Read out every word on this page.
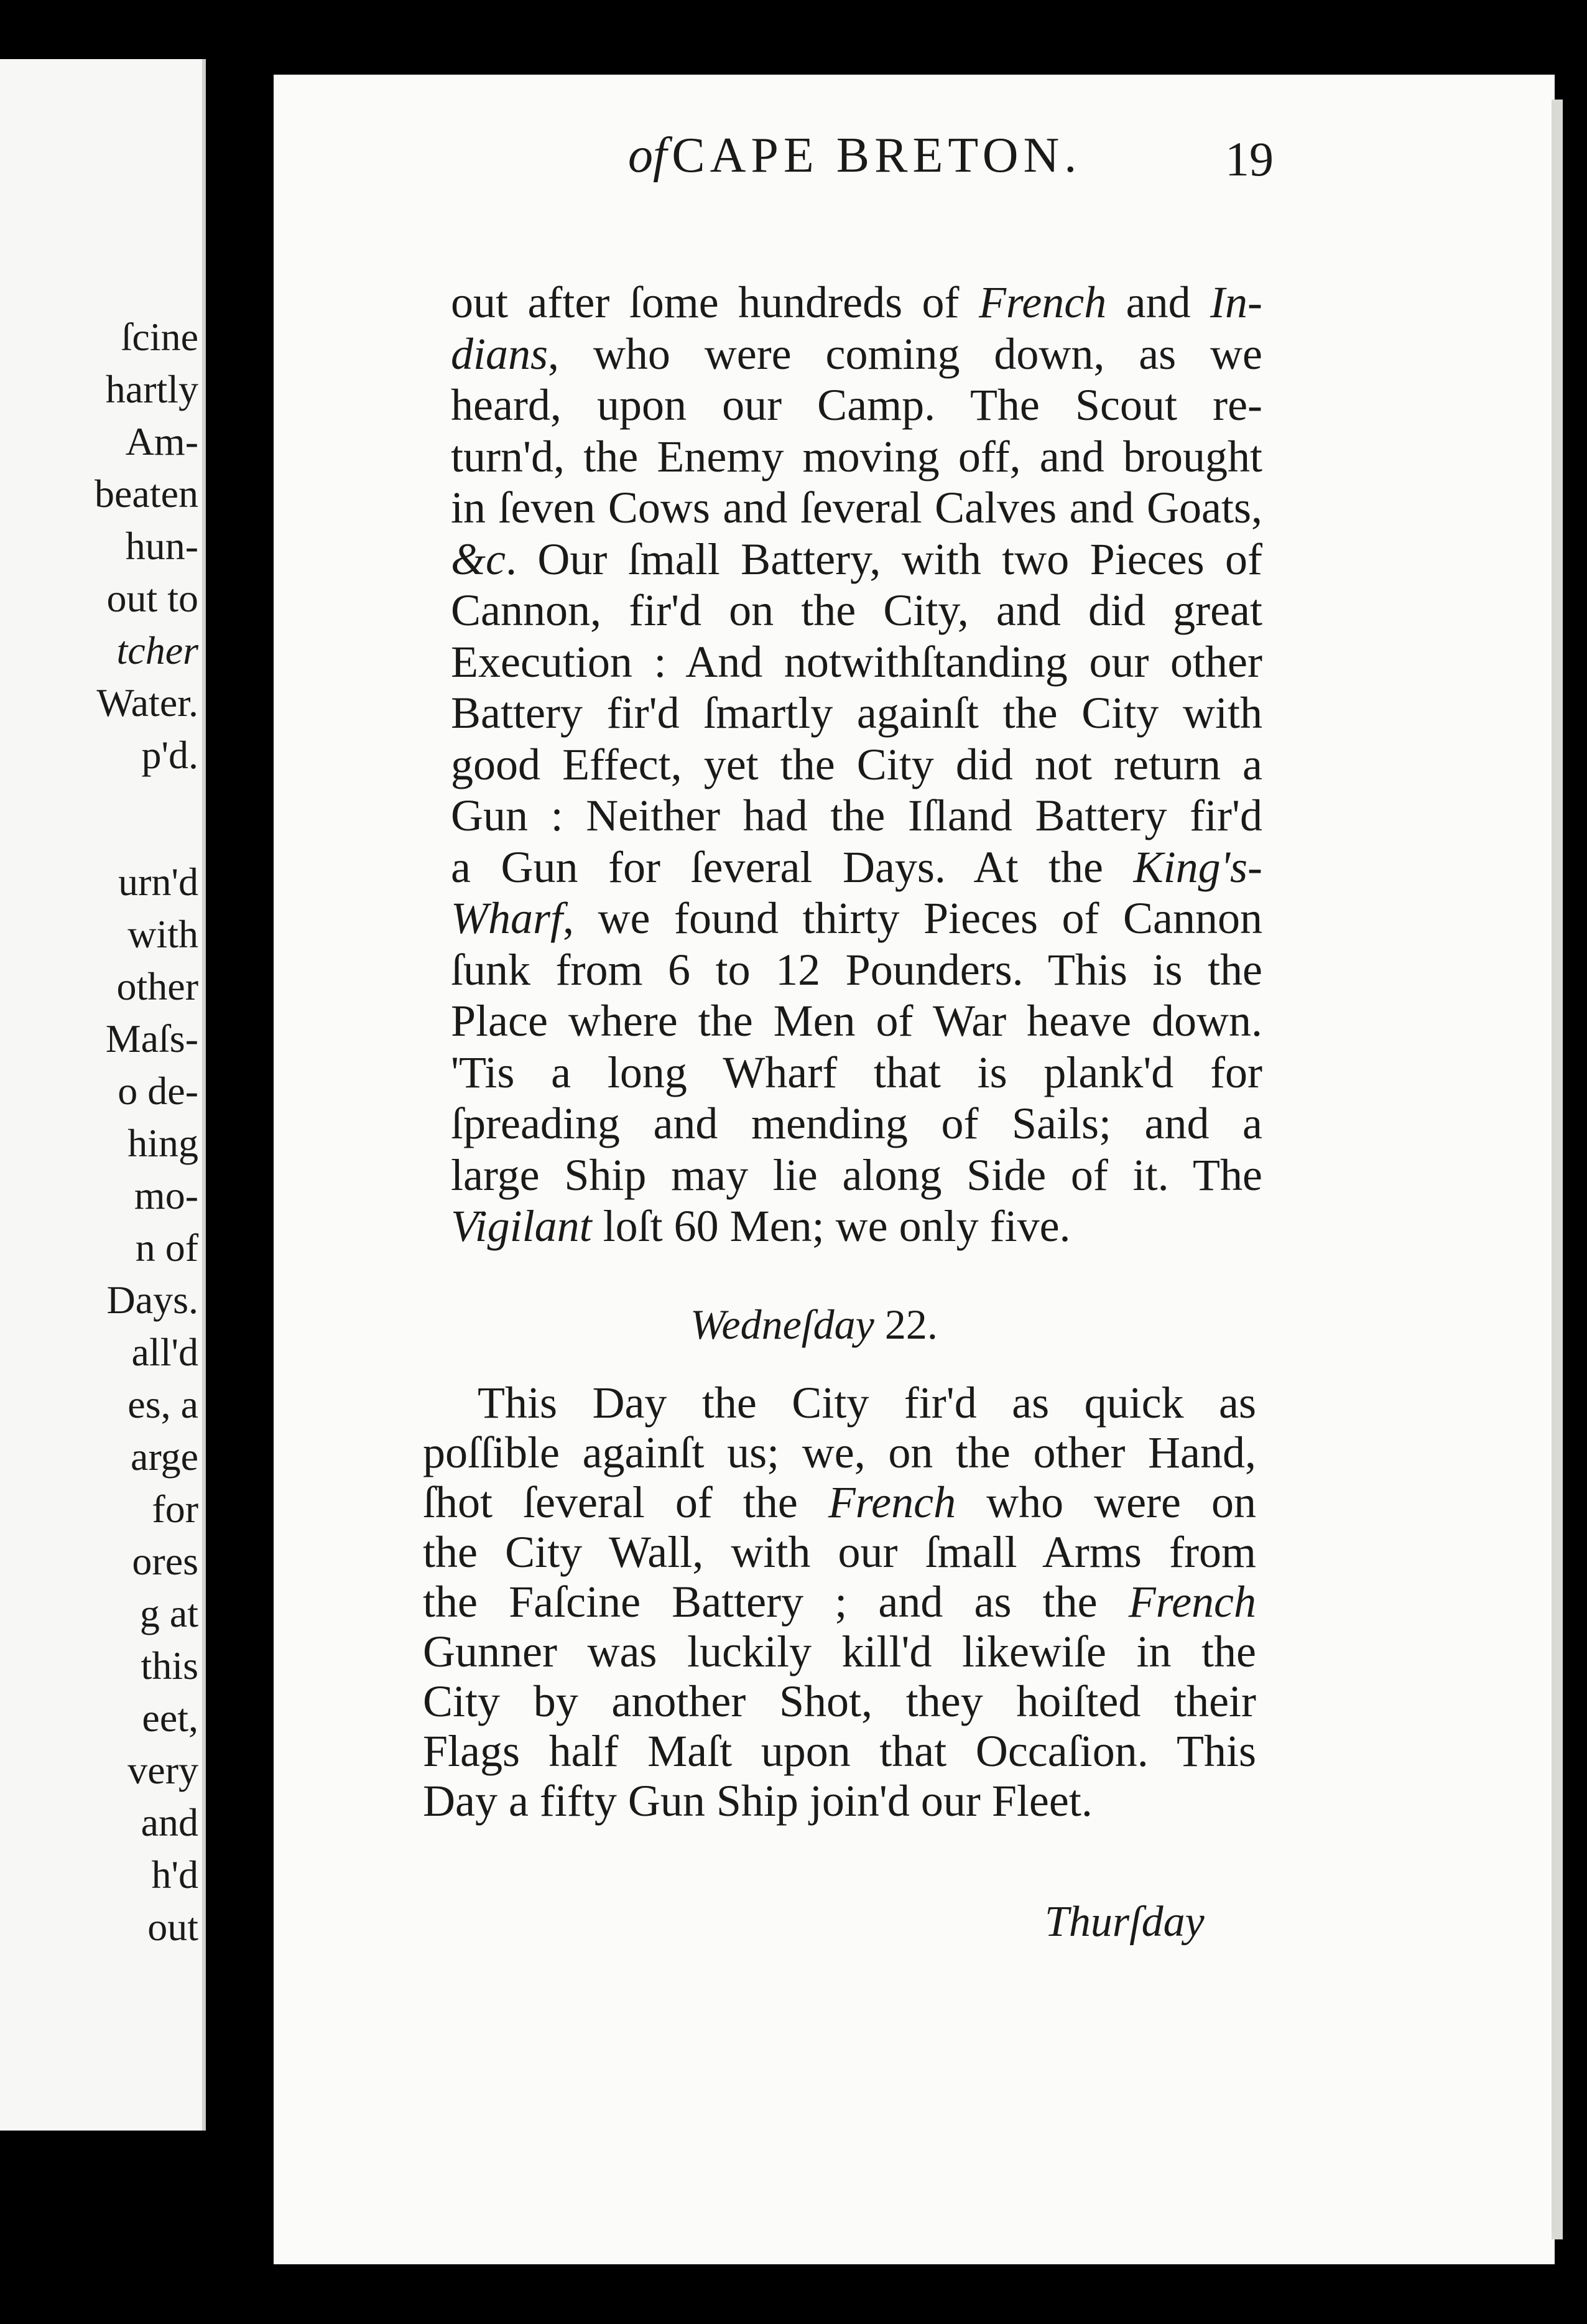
ſcine
hartly
Am-
beaten
hun-
out to
tcher
Water.
p'd.
urn'd
with
other
Maſs-
o de-
hing
mo-
n of
Days.
all'd
es, a
arge
for
ores
g at
this
eet,
very
and
h'd
out
of CAPE BRETON.	19
out after ſome hundreds of French and In-
dians, who were coming down, as we
heard, upon our Camp. The Scout re-
turn'd, the Enemy moving off, and brought
in ſeven Cows and ſeveral Calves and Goats,
&c. Our ſmall Battery, with two Pieces of
Cannon, fir'd on the City, and did great
Execution : And notwithſtanding our other
Battery fir'd ſmartly againſt the City with
good Effect, yet the City did not return a
Gun : Neither had the Iſland Battery fir'd
a Gun for ſeveral Days. At the King's-
Wharf, we found thirty Pieces of Cannon
ſunk from 6 to 12 Pounders. This is the
Place where the Men of War heave down.
'Tis a long Wharf that is plank'd for
ſpreading and mending of Sails; and a
large Ship may lie along Side of it. The
Vigilant loſt 60 Men; we only five.
Wedneſday 22.
This Day the City fir'd as quick as
poſſible againſt us; we, on the other Hand,
ſhot ſeveral of the French who were on
the City Wall, with our ſmall Arms from
the Faſcine Battery ; and as the French
Gunner was luckily kill'd likewiſe in the
City by another Shot, they hoiſted their
Flags half Maſt upon that Occaſion. This
Day a fifty Gun Ship join'd our Fleet.
Thurſday
